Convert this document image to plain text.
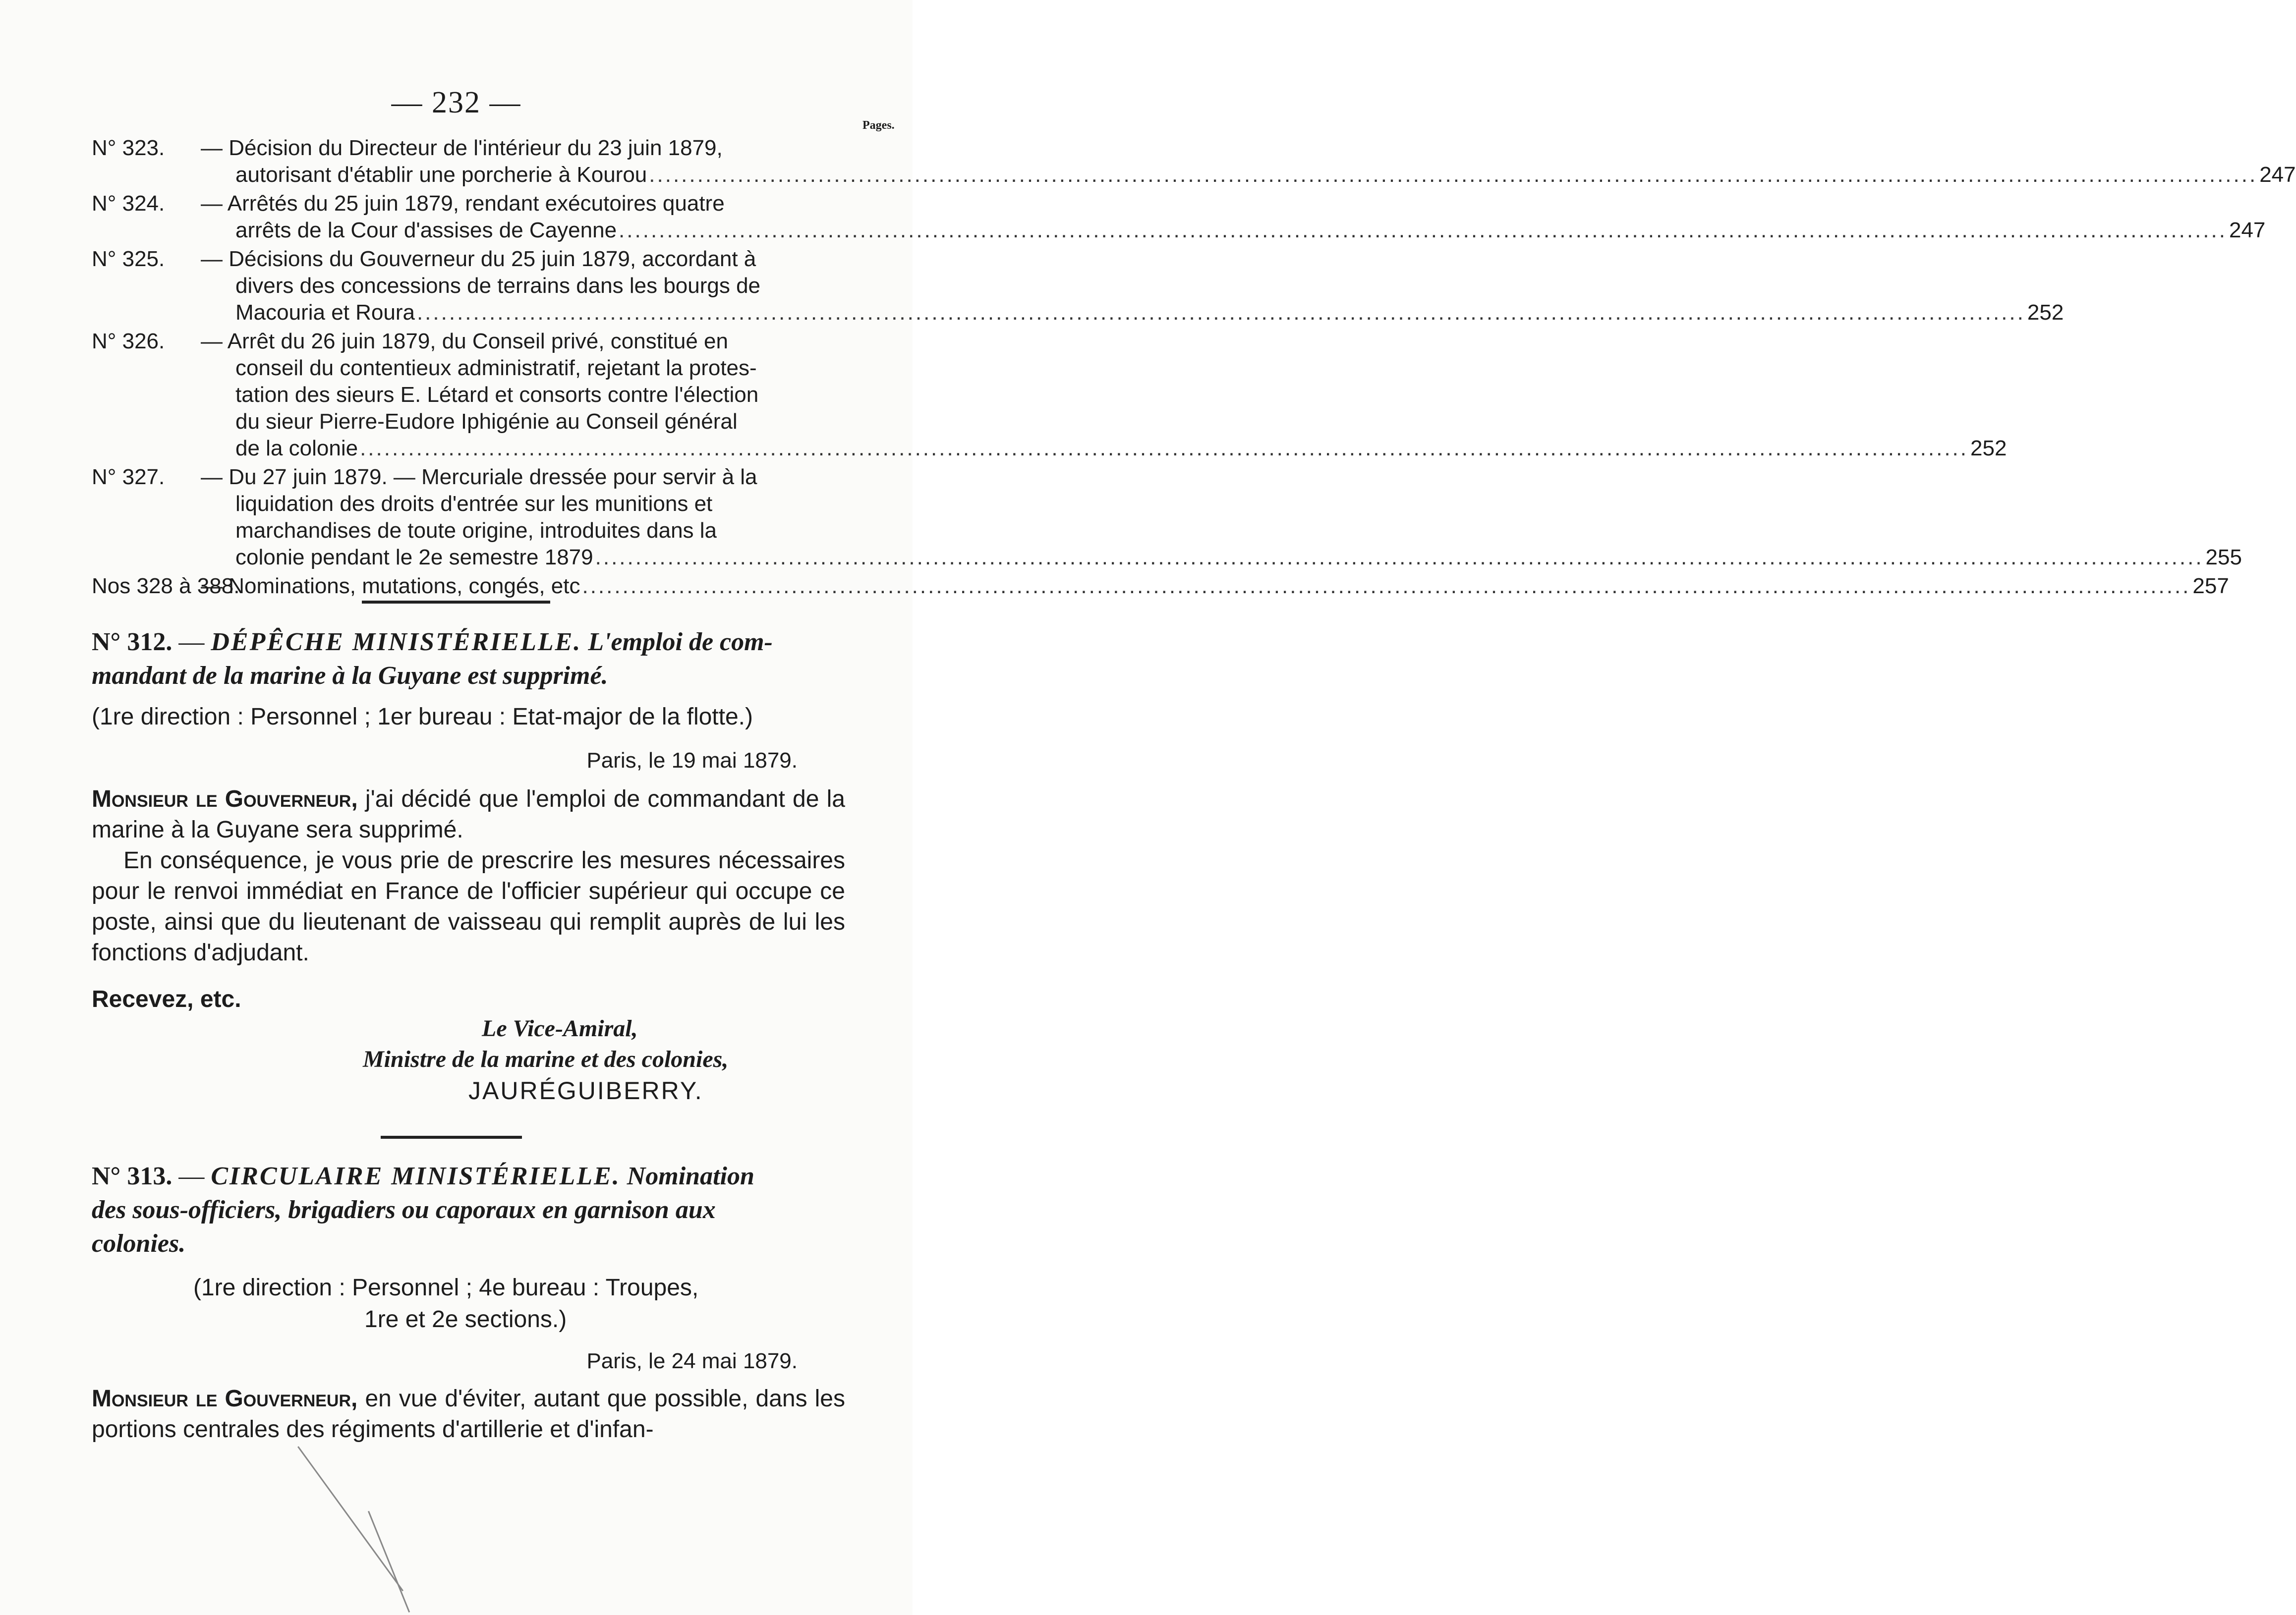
— 232 —
Pages.
N° 323. — Décision du Directeur de l'intérieur du 23 juin 1879,
autorisant d'établir une porcherie à Kourou ........................................................................................................................................................................................................ 247
N° 324. — Arrêtés du 25 juin 1879, rendant exécutoires quatre
arrêts de la Cour d'assises de Cayenne ........................................................................................................................................................................................................ 247
N° 325. — Décisions du Gouverneur du 25 juin 1879, accordant à
divers des concessions de terrains dans les bourgs de
Macouria et Roura ........................................................................................................................................................................................................ 252
N° 326. — Arrêt du 26 juin 1879, du Conseil privé, constitué en
conseil du contentieux administratif, rejetant la protes-
tation des sieurs E. Létard et consorts contre l'élection
du sieur Pierre-Eudore Iphigénie au Conseil général
de la colonie ........................................................................................................................................................................................................ 252
N° 327. — Du 27 juin 1879. — Mercuriale dressée pour servir à la
liquidation des droits d'entrée sur les munitions et
marchandises de toute origine, introduites dans la
colonie pendant le 2e semestre 1879 ........................................................................................................................................................................................................ 255
Nos 328 à 388.
— Nominations, mutations, congés, etc ........................................................................................................................................................................................................ 257
N° 312. — DÉPÊCHE MINISTÉRIELLE. L'emploi de com-
mandant de la marine à la Guyane est supprimé.
(1re direction : Personnel ; 1er bureau : Etat-major de la flotte.)
Paris, le 19 mai 1879.
Monsieur le Gouverneur, j'ai décidé que l'emploi de commandant de la marine à la Guyane sera supprimé.
En conséquence, je vous prie de prescrire les mesures nécessaires pour le renvoi immédiat en France de l'officier supérieur qui occupe ce poste, ainsi que du lieutenant de vaisseau qui remplit auprès de lui les fonctions d'adjudant.
Recevez, etc.
Le Vice-Amiral,
Ministre de la marine et des colonies,
JAURÉGUIBERRY.
N° 313. — CIRCULAIRE MINISTÉRIELLE. Nomination
des sous-officiers, brigadiers ou caporaux en garnison aux
colonies.
(1re direction : Personnel ; 4e bureau : Troupes,
1re et 2e sections.)
Paris, le 24 mai 1879.
Monsieur le Gouverneur, en vue d'éviter, autant que possible, dans les portions centrales des régiments d'artillerie et d'infan-
